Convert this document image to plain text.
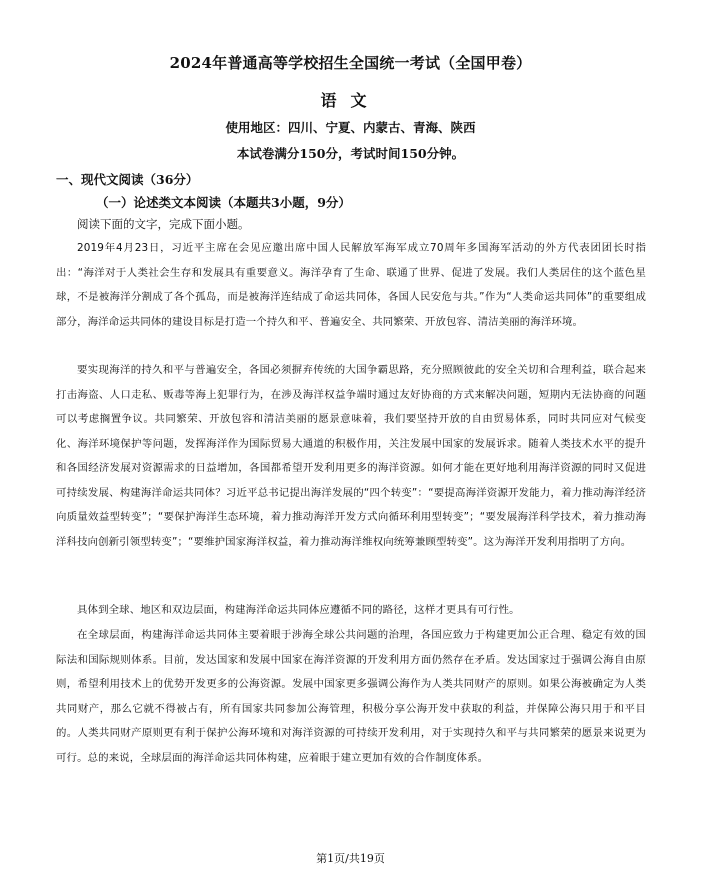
2024年普通高等学校招生全国统一考试（全国甲卷）
语文
使用地区：四川、宁夏、内蒙古、青海、陕西
本试卷满分150分，考试时间150分钟。
一、现代文阅读（36分）
（一）论述类文本阅读（本题共3小题，9分）
阅读下面的文字，完成下面小题。

2019年4月23日，习近平主席在会见应邀出席中国人民解放军海军成立70周年多国海军活动的外方代表团团长时指出：“海洋对于人类社会生存和发展具有重要意义。海洋孕育了生命、联通了世界、促进了发展。我们人类居住的这个蓝色星球，不是被海洋分割成了各个孤岛，而是被海洋连结成了命运共同体，各国人民安危与共。”作为“人类命运共同体”的重要组成部分，海洋命运共同体的建设目标是打造一个持久和平、普遍安全、共同繁荣、开放包容、清洁美丽的海洋环境。

要实现海洋的持久和平与普遍安全，各国必须摒弃传统的大国争霸思路，充分照顾彼此的安全关切和合理利益，联合起来打击海盗、人口走私、贩毒等海上犯罪行为，在涉及海洋权益争端时通过友好协商的方式来解决问题，短期内无法协商的问题可以考虑搁置争议。共同繁荣、开放包容和清洁美丽的愿景意味着，我们要坚持开放的自由贸易体系，同时共同应对气候变化、海洋环境保护等问题，发挥海洋作为国际贸易大通道的积极作用，关注发展中国家的发展诉求。随着人类技术水平的提升和各国经济发展对资源需求的日益增加，各国都希望开发利用更多的海洋资源。如何才能在更好地利用海洋资源的同时又促进可持续发展、构建海洋命运共同体？习近平总书记提出海洋发展的“四个转变”：“要提高海洋资源开发能力，着力推动海洋经济向质量效益型转变”；“要保护海洋生态环境，着力推动海洋开发方式向循环利用型转变”；“要发展海洋科学技术，着力推动海洋科技向创新引领型转变”；“要维护国家海洋权益，着力推动海洋维权向统筹兼顾型转变”。这为海洋开发利用指明了方向。

具体到全球、地区和双边层面，构建海洋命运共同体应遵循不同的路径，这样才更具有可行性。

在全球层面，构建海洋命运共同体主要着眼于涉海全球公共问题的治理，各国应致力于构建更加公正合理、稳定有效的国际法和国际规则体系。目前，发达国家和发展中国家在海洋资源的开发利用方面仍然存在矛盾。发达国家过于强调公海自由原则，希望利用技术上的优势开发更多的公海资源。发展中国家更多强调公海作为人类共同财产的原则。如果公海被确定为人类共同财产，那么它就不得被占有，所有国家共同参加公海管理，积极分享公海开发中获取的利益，并保障公海只用于和平目的。人类共同财产原则更有利于保护公海环境和对海洋资源的可持续开发利用，对于实现持久和平与共同繁荣的愿景来说更为可行。总的来说，全球层面的海洋命运共同体构建，应着眼于建立更加有效的合作制度体系。

第1页/共19页
